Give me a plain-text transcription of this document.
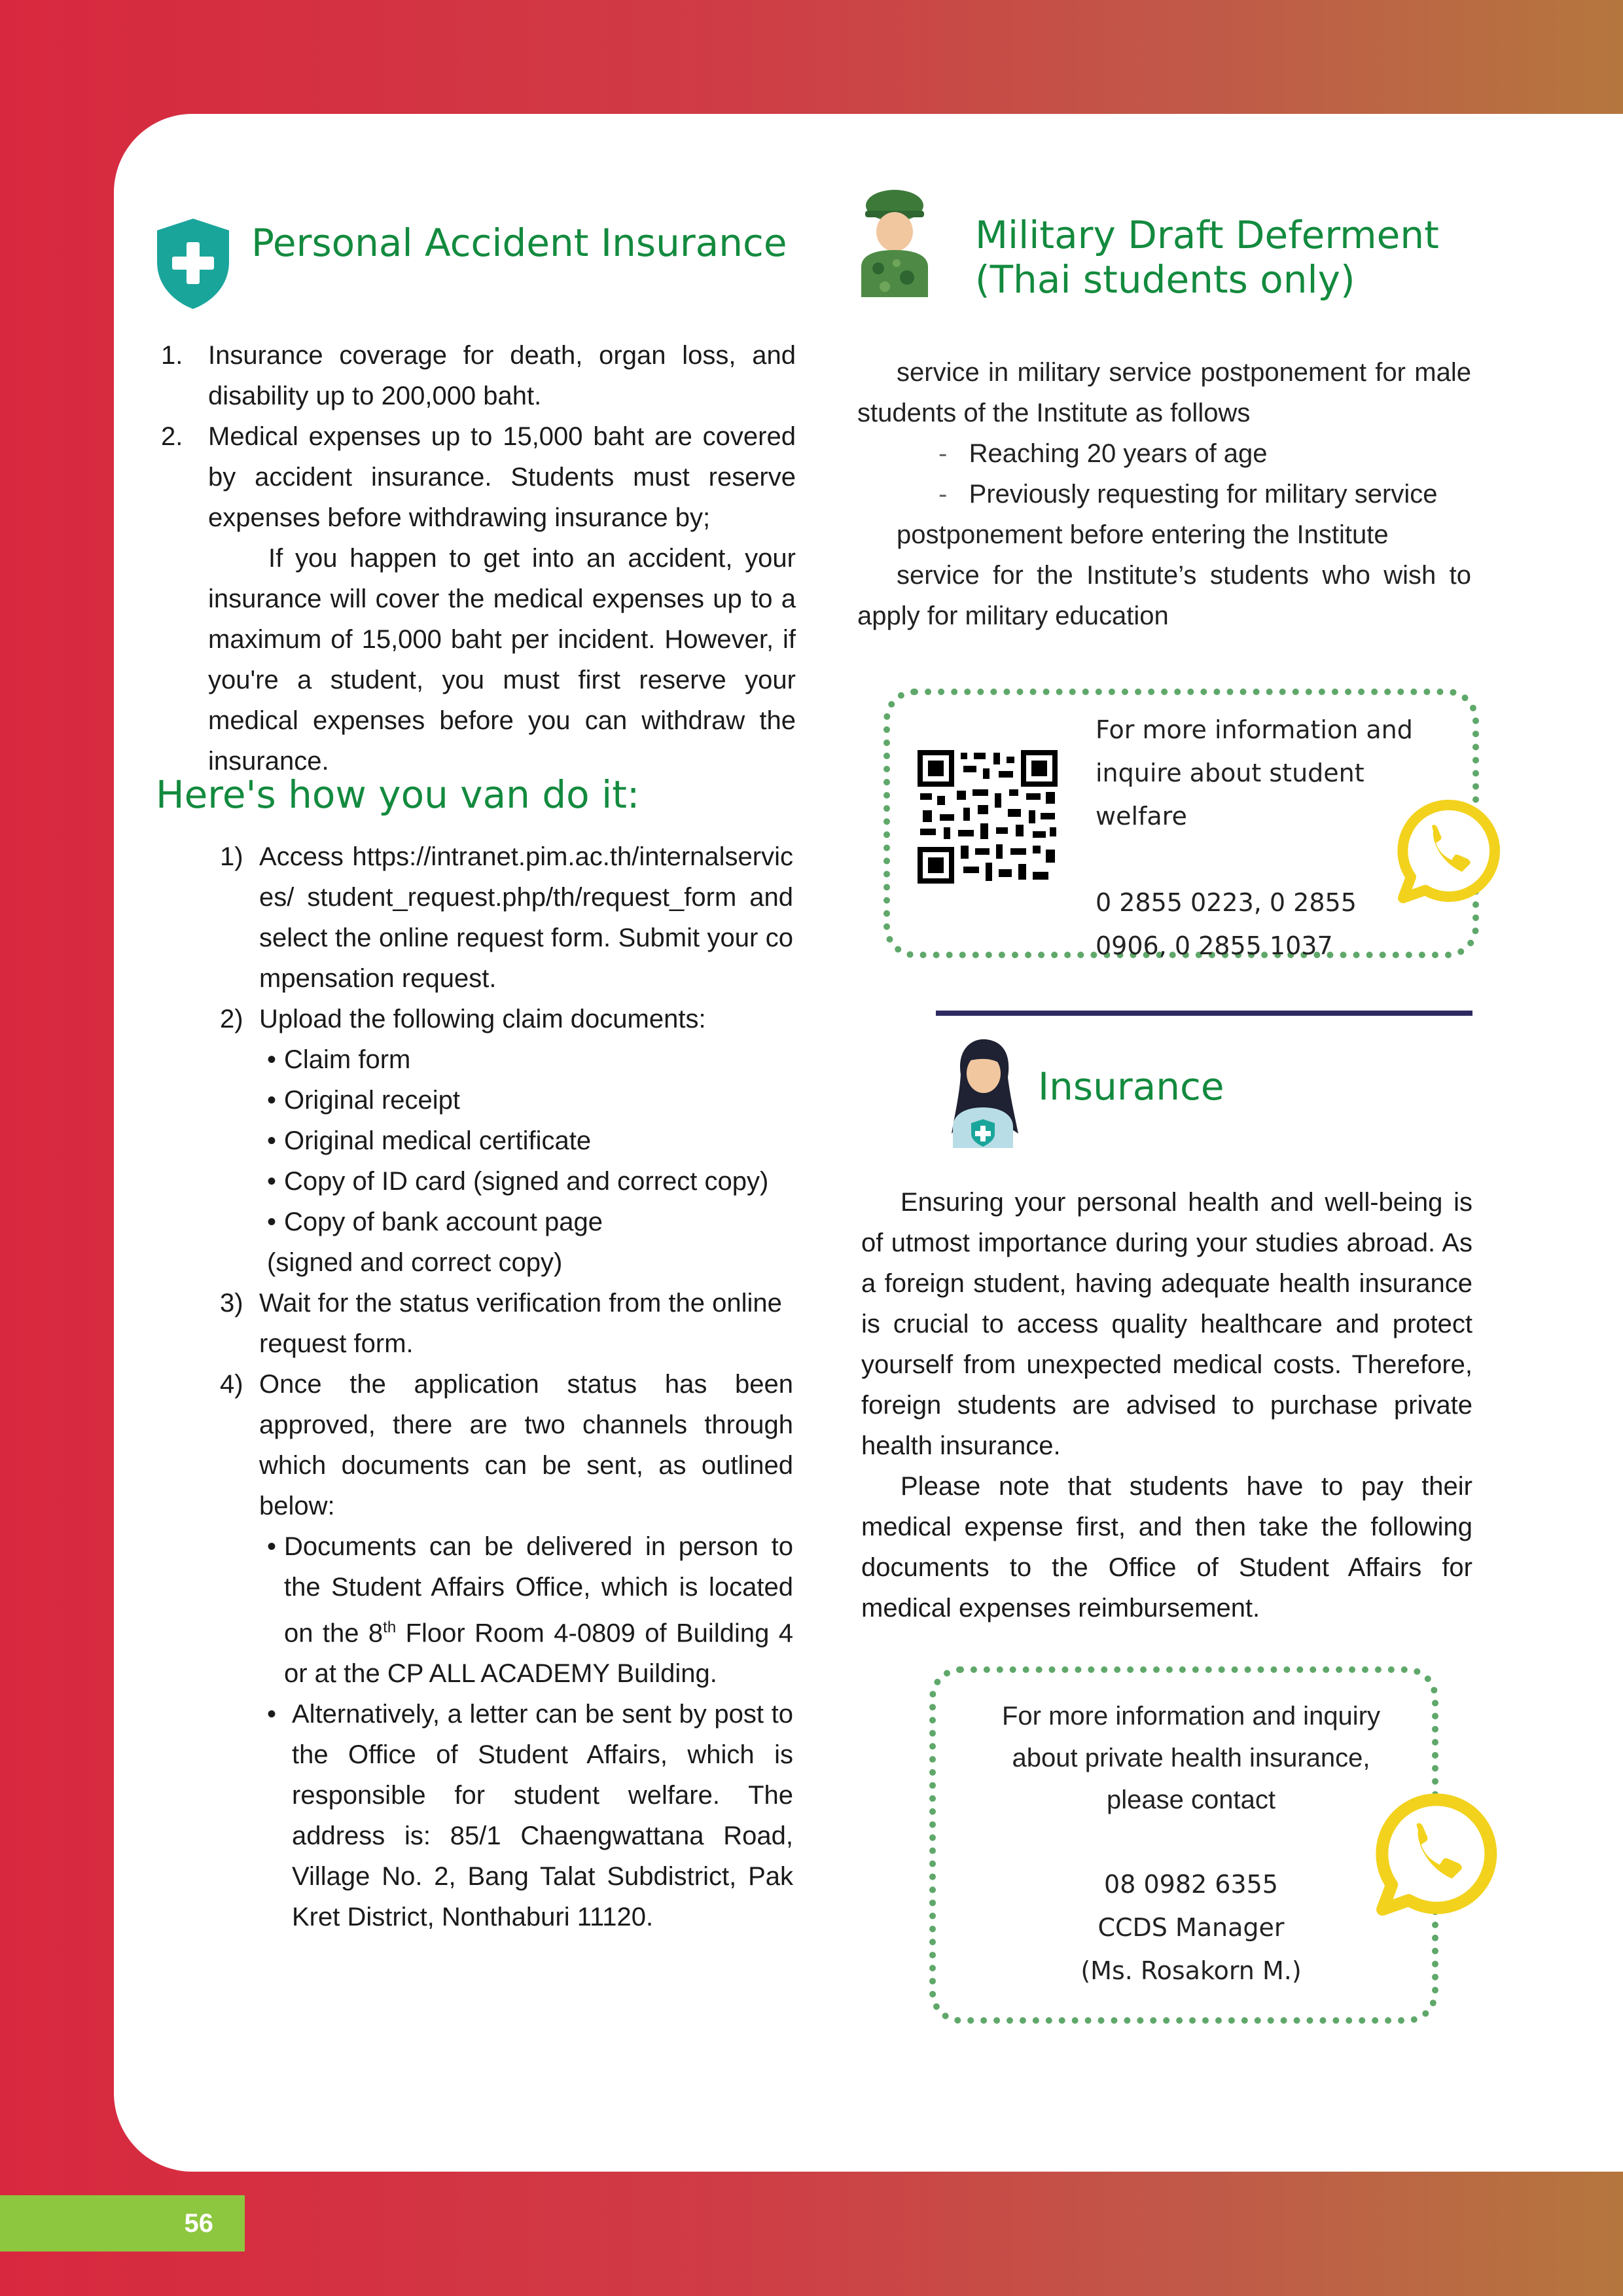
56
Personal Accident Insurance
1. Insurance coverage for death, organ loss, and disability up to 200,000 baht.
2. Medical expenses up to 15,000 baht are covered by accident insurance. Students must reserve expenses before withdrawing insurance by;
If you happen to get into an accident, your insurance will cover the medical expenses up to a maximum of 15,000 baht per incident. However, if you're a student, you must first reserve your medical expenses before you can withdraw the insurance.
Here's how you van do it:
1) Access https://intranet.pim.ac.th/internalservices/ student_request.php/th/request_form and select the online request form. Submit your compensation request.
2) Upload the following claim documents:
• Claim form
• Original receipt
• Original medical certificate
• Copy of ID card (signed and correct copy)
• Copy of bank account page
(signed and correct copy)
3) Wait for the status verification from the online request form.
4) Once the application status has been approved, there are two channels through which documents can be sent, as outlined below:
• Documents can be delivered in person to the Student Affairs Office, which is located on the 8th Floor Room 4-0809 of Building 4 or at the CP ALL ACADEMY Building.
• Alternatively, a letter can be sent by post to the Office of Student Affairs, which is responsible for student welfare. The address is: 85/1 Chaengwattana Road, Village No. 2, Bang Talat Subdistrict, Pak Kret District, Nonthaburi 11120.
Military Draft Deferment
(Thai students only)
service in military service postponement for male students of the Institute as follows
-   Reaching 20 years of age
-   Previously requesting for military service
postponement before entering the Institute
service for the Institute’s students who wish to apply for military education
For more information and
inquire about student welfare
0 2855 0223, 0 2855
0906, 0 2855 1037
Insurance
Ensuring your personal health and well-being is of utmost importance during your studies abroad. As a foreign student, having adequate health insurance is crucial to access quality healthcare and protect yourself from unexpected medical costs. Therefore, foreign students are advised to purchase private health insurance.
Please note that students have to pay their medical expense first, and then take the following documents to the Office of Student Affairs for medical expenses reimbursement.
For more information and inquiry
about private health insurance,
please contact
08 0982 6355
CCDS Manager
(Ms. Rosakorn M.)
